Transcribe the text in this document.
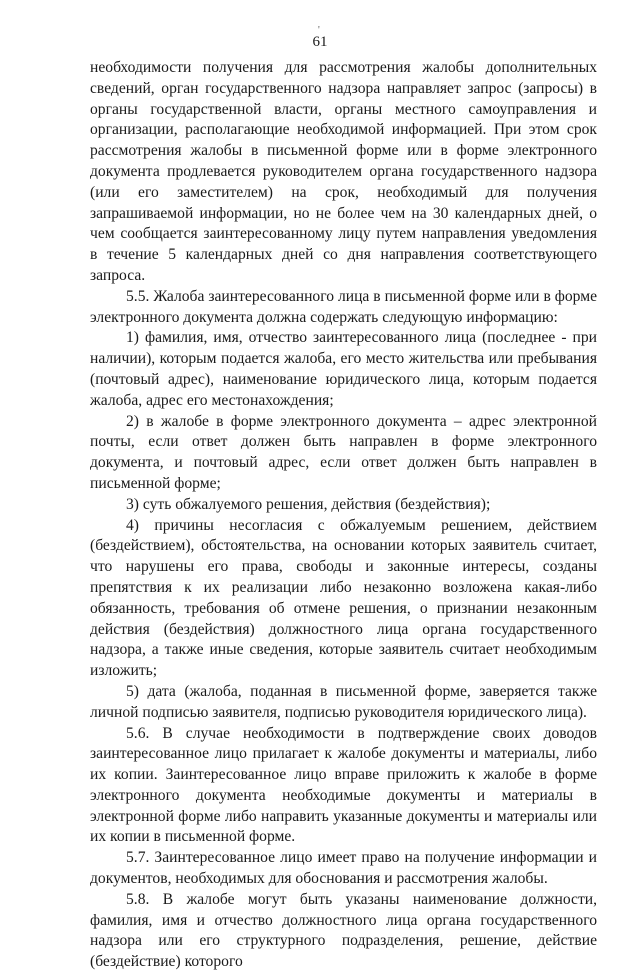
'
61

необходимости получения для рассмотрения жалобы дополнительных сведений, орган государственного надзора направляет запрос (запросы) в органы государственной власти, органы местного самоуправления и организации, располагающие необходимой информацией. При этом срок рассмотрения жалобы в письменной форме или в форме электронного документа продлевается руководителем органа государственного надзора (или его заместителем) на срок, необходимый для получения запрашиваемой информации, но не более чем на 30 календарных дней, о чем сообщается заинтересованному лицу путем направления уведомления в течение 5 календарных дней со дня направления соответствующего запроса.

5.5. Жалоба заинтересованного лица в письменной форме или в форме электронного документа должна содержать следующую информацию:

1) фамилия, имя, отчество заинтересованного лица (последнее - при наличии), которым подается жалоба, его место жительства или пребывания (почтовый адрес), наименование юридического лица, которым подается жалоба, адрес его местонахождения;

2) в жалобе в форме электронного документа – адрес электронной почты, если ответ должен быть направлен в форме электронного документа, и почтовый адрес, если ответ должен быть направлен в письменной форме;

3) суть обжалуемого решения, действия (бездействия);

4) причины несогласия с обжалуемым решением, действием (бездействием), обстоятельства, на основании которых заявитель считает, что нарушены его права, свободы и законные интересы, созданы препятствия к их реализации либо незаконно возложена какая-либо обязанность, требования об отмене решения, о признании незаконным действия (бездействия) должностного лица органа государственного надзора, а также иные сведения, которые заявитель считает необходимым изложить;

5) дата (жалоба, поданная в письменной форме, заверяется также личной подписью заявителя, подписью руководителя юридического лица).

5.6. В случае необходимости в подтверждение своих доводов заинтересованное лицо прилагает к жалобе документы и материалы, либо их копии. Заинтересованное лицо вправе приложить к жалобе в форме электронного документа необходимые документы и материалы в электронной форме либо направить указанные документы и материалы или их копии в письменной форме.

5.7. Заинтересованное лицо имеет право на получение информации и документов, необходимых для обоснования и рассмотрения жалобы.

5.8. В жалобе могут быть указаны наименование должности, фамилия, имя и отчество должностного лица органа государственного надзора или его структурного подразделения, решение, действие (бездействие) которого
